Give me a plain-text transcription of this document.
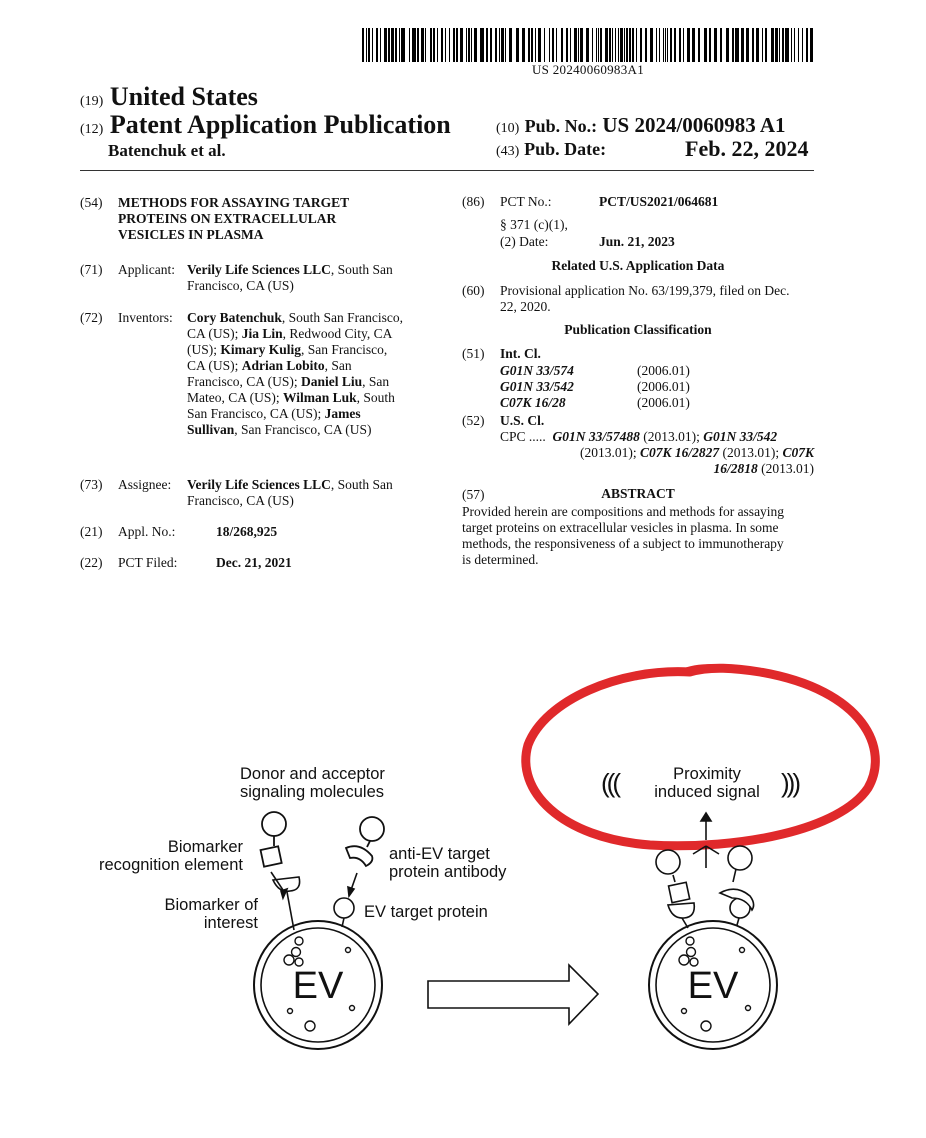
US 20240060983A1
(19) United States
(12) Patent Application Publication
Batenchuk et al.
(10) Pub. No.: US 2024/0060983 A1
(43) Pub. Date:	Feb. 22, 2024
(54) METHODS FOR ASSAYING TARGET
PROTEINS ON EXTRACELLULAR
VESICLES IN PLASMA
(71) Applicant: Verily Life Sciences LLC, South San
Francisco, CA (US)
(72) Inventors: Cory Batenchuk, South San Francisco,
CA (US); Jia Lin, Redwood City, CA
(US); Kimary Kulig, San Francisco,
CA (US); Adrian Lobito, San
Francisco, CA (US); Daniel Liu, San
Mateo, CA (US); Wilman Luk, South
San Francisco, CA (US); James
Sullivan, San Francisco, CA (US)
(73) Assignee: Verily Life Sciences LLC, South San
Francisco, CA (US)
(21) Appl. No.:	18/268,925
(22) PCT Filed:	Dec. 21, 2021
(86) PCT No.:	PCT/US2021/064681
§ 371 (c)(1),
(2) Date:	Jun. 21, 2023
Related U.S. Application Data
(60) Provisional application No. 63/199,379, filed on Dec.
22, 2020.
Publication Classification
(51) Int. Cl.
G01N 33/574	(2006.01)
G01N 33/542	(2006.01)
C07K 16/28	(2006.01)
(52) U.S. Cl.
CPC ..... G01N 33/57488 (2013.01); G01N 33/542
(2013.01); C07K 16/2827 (2013.01); C07K
16/2818 (2013.01)
(57)	ABSTRACT
Provided herein are compositions and methods for assaying
target proteins on extracellular vesicles in plasma. In some
methods, the responsiveness of a subject to immunotherapy
is determined.
Donor and acceptor
signaling molecules
Biomarker
recognition element
anti-EV target
protein antibody
Biomarker of
interest
EV target protein
EV	EV
(((	Proximity
induced signal )))
